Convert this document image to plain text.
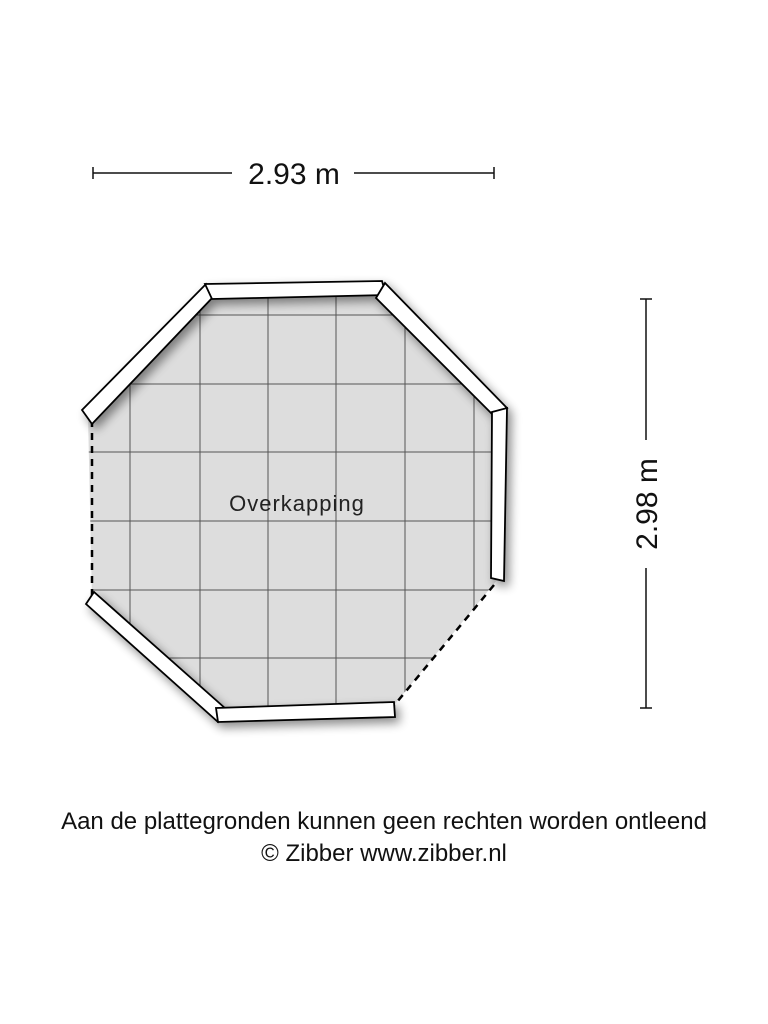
2.93 m
2.98 m
Overkapping
Aan de plattegronden kunnen geen rechten worden ontleend
© Zibber www.zibber.nl
